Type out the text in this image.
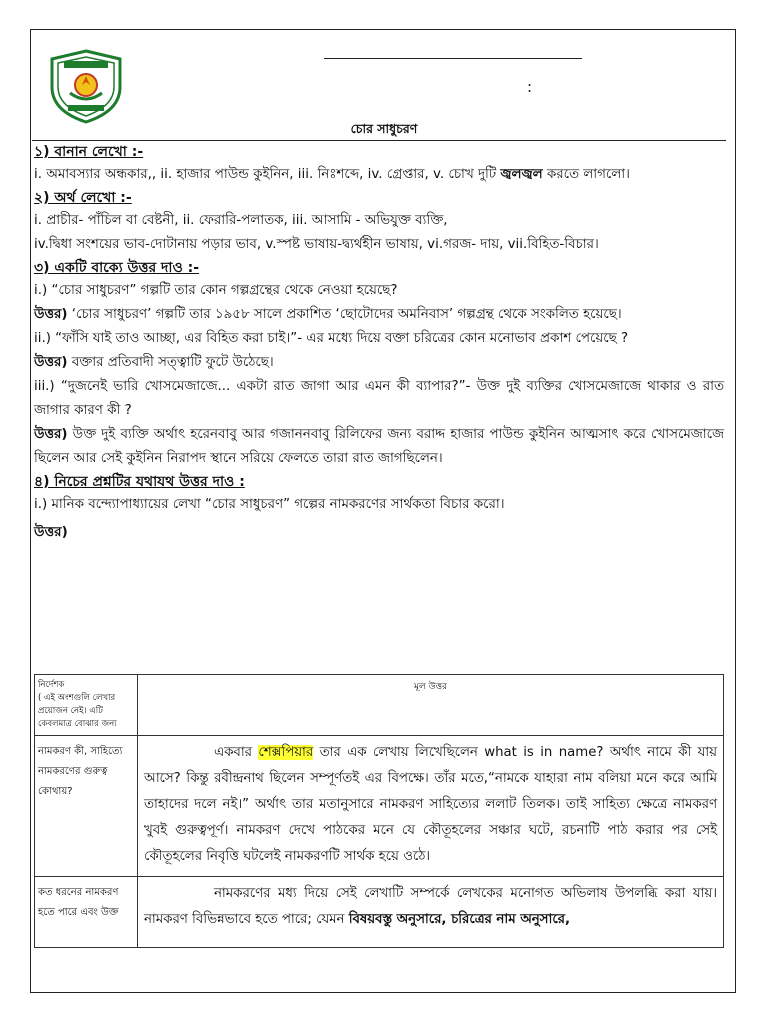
:
চোর সাধুচরণ
১) বানান লেখো :-

i. অমাবস্যার অন্ধকার,, ii. হাজার পাউন্ড কুইনিন, iii. নিঃশব্দে, iv. গ্রেপ্তার, v. চোখ দুটি জ্বলজ্বল করতে লাগলো।

২) অর্থ লেখো :-

i. প্রাচীর- পাঁচিল বা বেষ্টনী, ii. ফেরারি-পলাতক, iii. আসামি - অভিযুক্ত ব্যক্তি,

iv.দ্বিধা সংশয়ের ভাব-দোটানায় পড়ার ভাব, v.স্পষ্ট ভাষায়-দ্ব্যর্থহীন ভাষায়, vi.গরজ- দায়, vii.বিহিত-বিচার।

৩) একটি বাক্যে উত্তর দাও :-

i.) “চোর সাধুচরণ” গল্পটি তার কোন গল্পগ্রন্থের থেকে নেওয়া হয়েছে?

উত্তর) ‘চোর সাধুচরণ’ গল্পটি তার ১৯৫৮ সালে প্রকাশিত ‘ছোটোদের অমনিবাস’ গল্পগ্রন্থ থেকে সংকলিত হয়েছে।

ii.) “ফাঁসি যাই তাও আচ্ছা, এর বিহিত করা চাই।”- এর মধ্যে দিয়ে বক্তা চরিত্রের কোন মনোভাব প্রকাশ পেয়েছে ?

উত্তর) বক্তার প্রতিবাদী সত্ত্বাটি ফুটে উঠেছে।

iii.) “দুজনেই ভারি খোসমেজাজে... একটা রাত জাগা আর এমন কী ব্যাপার?”- উক্ত দুই ব্যক্তির খোসমেজাজে থাকার ও রাত জাগার কারণ কী ?

উত্তর) উক্ত দুই ব্যক্তি অর্থাৎ হরেনবাবু আর গজাননবাবু রিলিফের জন্য বরাদ্দ হাজার পাউন্ড কুইনিন আত্মসাৎ করে খোসমেজাজে ছিলেন আর সেই কুইনিন নিরাপদ স্থানে সরিয়ে ফেলতে তারা রাত জাগছিলেন।

৪) নিচের প্রশ্নটির যথাযথ উত্তর দাও :

i.) মানিক বন্দ্যোপাধ্যায়ের লেখা “চোর সাধুচরণ” গল্পের নামকরণের সার্থকতা বিচার করো।

উত্তর)
নির্দেশক
( এই অংশগুলি লেখার প্রয়োজন নেই। এটি কেবলমাত্র বোঝার জন্য	মূল উত্তর
নামকরণ কী, সাহিত্যে নামকরণের গুরুত্ব কোথায়?	একবার শেক্সপিয়ার তার এক লেখায় লিখেছিলেন what is in name? অর্থাৎ নামে কী যায় আসে? কিন্তু রবীন্দ্রনাথ ছিলেন সম্পূর্ণতই এর বিপক্ষে। তাঁর মতে,“নামকে যাহারা নাম বলিয়া মনে করে আমি তাহাদের দলে নই।” অর্থাৎ তার মতানুসারে নামকরণ সাহিত্যের ললাট তিলক। তাই সাহিত্য ক্ষেত্রে নামকরণ খুবই গুরুত্বপূর্ণ। নামকরণ দেখে পাঠকের মনে যে কৌতূহলের সঞ্চার ঘটে, রচনাটি পাঠ করার পর সেই কৌতূহলের নিবৃত্তি ঘটলেই নামকরণটি সার্থক হয়ে ওঠে।
কত ধরনের নামকরণ হতে পারে এবং উক্ত	নামকরণের মধ্য দিয়ে সেই লেখাটি সম্পর্কে লেখকের মনোগত অভিলাষ উপলব্ধি করা যায়। নামকরণ বিভিন্নভাবে হতে পারে; যেমন বিষয়বস্তু অনুসারে, চরিত্রের নাম অনুসারে,
